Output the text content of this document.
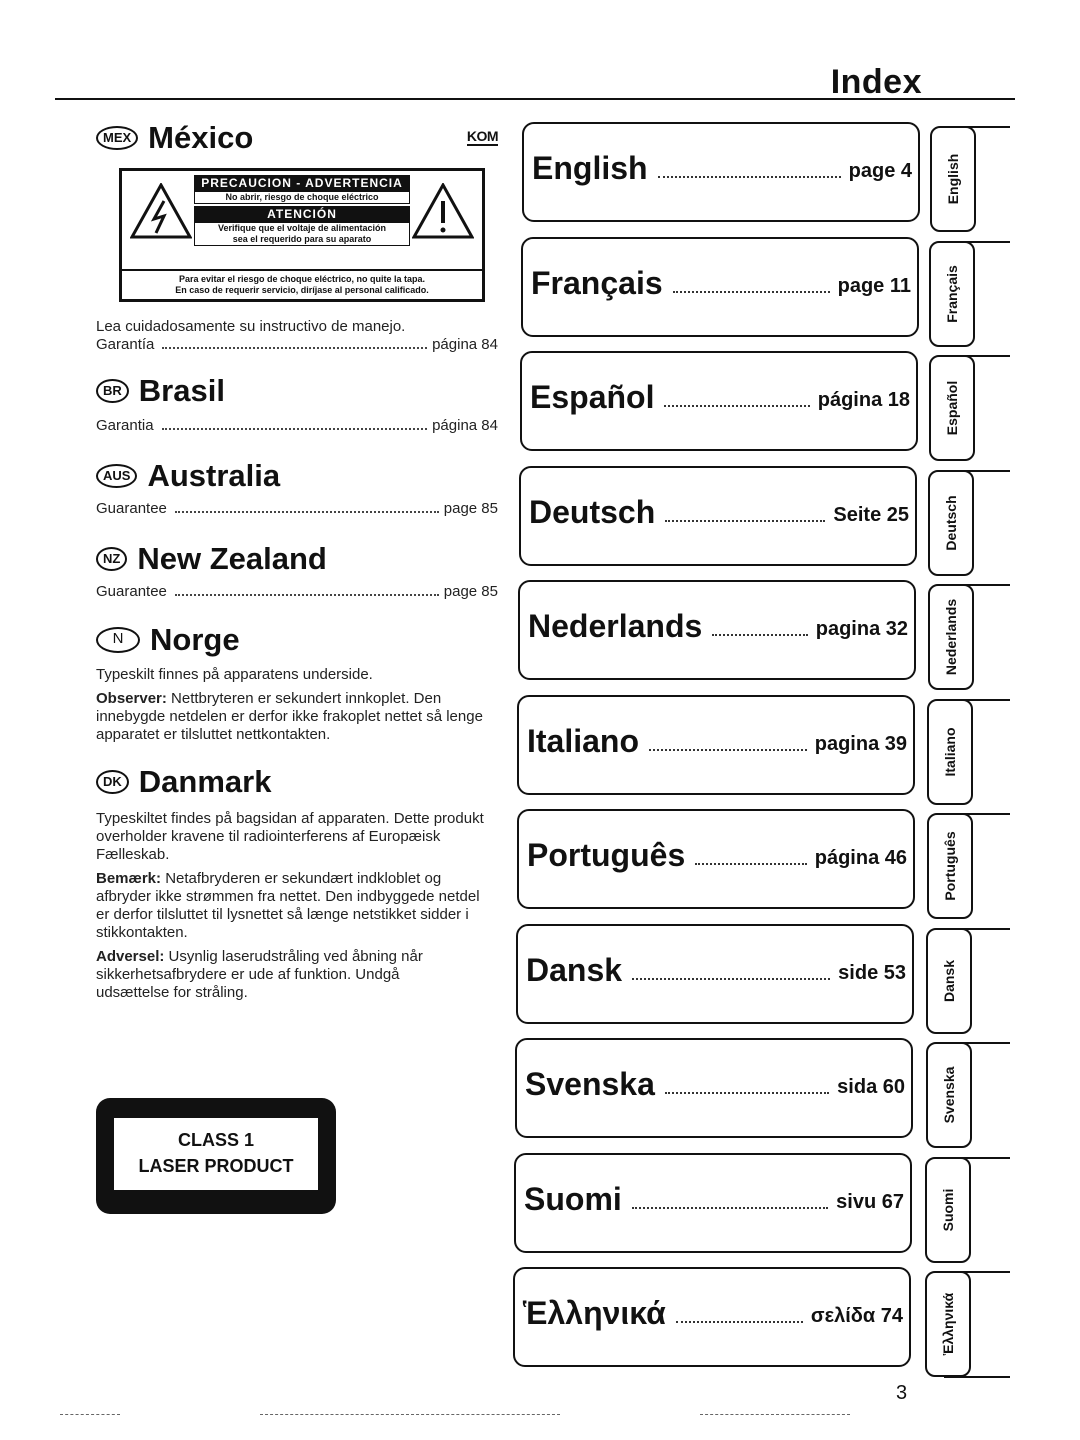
Index
MEX México	KOM
PRECAUCION - ADVERTENCIA
No abrir, riesgo de choque eléctrico
ATENCIÓN
Verifique que el voltaje de alimentación
sea el requerido para su aparato
Para evitar el riesgo de choque eléctrico, no quite la tapa.
En caso de requerir servicio, diríjase al personal calificado.
Lea cuidadosamente su instructivo de manejo.
Garantía	página 84
BR Brasil
Garantia	página 84
AUS Australia
Guarantee	page 85
NZ New Zealand
Guarantee	page 85
N Norge
Typeskilt finnes på apparatens underside.
Observer: Nettbryteren er sekundert innkoplet. Den innebygde netdelen er derfor ikke frakoplet nettet så lenge apparatet er tilsluttet nettkontakten.
DK Danmark
Typeskiltet findes på bagsidan af apparaten. Dette produkt overholder kravene til radiointerferens af Europæisk Fælleskab.
Bemærk: Netafbryderen er sekundært indkloblet og afbryder ikke strømmen fra nettet. Den indbyggede netdel er derfor tilsluttet til lysnettet så længe netstikket sidder i stikkontakten.
Adversel: Usynlig laserudstråling ved åbning når sikkerhetsafbrydere er ude af funktion. Undgå udsættelse for stråling.
CLASS 1
LASER PRODUCT
English	page 4 English
Français	page 11 Français
Español	página 18 Español
Deutsch	Seite 25 Deutsch
Nederlands	pagina 32	Nederlands
Italiano	pagina 39	Italiano
Português	página 46	Português
Dansk	side 53	Dansk
Svenska	sida 60	Svenska
Suomi	sivu 67	Suomi
Ἑλληνικά	σελίδα 74	Ἑλληνικά
3
